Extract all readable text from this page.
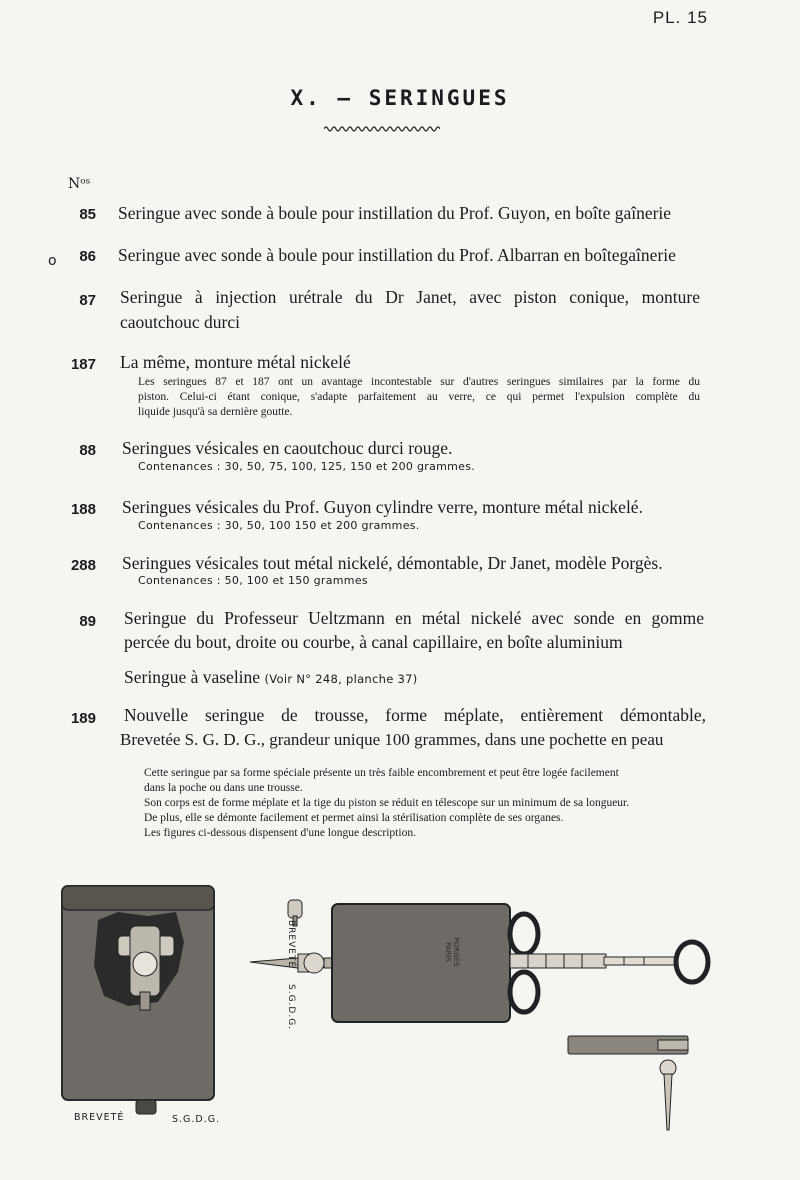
PL. 15
X. — SERINGUES
Nᵒˢ
85 Seringue avec sonde à boule pour instillation du Prof. Guyon, en boîte gaînerie
o	86 Seringue avec sonde à boule pour instillation du Prof. Albarran en boîtegaînerie
87 Seringue à injection urétrale du Dr Janet, avec piston conique, monture
caoutchouc durci
187 La même, monture métal nickelé
Les seringues 87 et 187 ont un avantage incontestable sur d'autres seringues similaires par la forme du
piston. Celui-ci étant conique, s'adapte parfaitement au verre, ce qui permet l'expulsion complète du
liquide jusqu'à sa dernière goutte.
88 Seringues vésicales en caoutchouc durci rouge.
Contenances : 30, 50, 75, 100, 125, 150 et 200 grammes.
188 Seringues vésicales du Prof. Guyon cylindre verre, monture métal nickelé.
Contenances : 30, 50, 100 150 et 200 grammes.
288 Seringues vésicales tout métal nickelé, démontable, Dr Janet, modèle Porgès.
Contenances : 50, 100 et 150 grammes
89 Seringue du Professeur Ueltzmann en métal nickelé avec sonde en gomme
percée du bout, droite ou courbe, à canal capillaire, en boîte aluminium
Seringue à vaseline (Voir N° 248, planche 37)
189 Nouvelle seringue de trousse, forme méplate, entièrement démontable,
Brevetée S. G. D. G., grandeur unique 100 grammes, dans une pochette en peau
Cette seringue par sa forme spéciale présente un très faible encombrement et peut être logée facilement
dans la poche ou dans une trousse.
Son corps est de forme méplate et la tige du piston se réduit en télescope sur un minimum de sa longueur.
De plus, elle se démonte facilement et permet ainsi la stérilisation complète de ses organes.
Les figures ci-dessous dispensent d'une longue description.
BREVETÉ	S.G.D.G.
PORGÈS PARIS
BREVETÉ
S.G.D.G.
